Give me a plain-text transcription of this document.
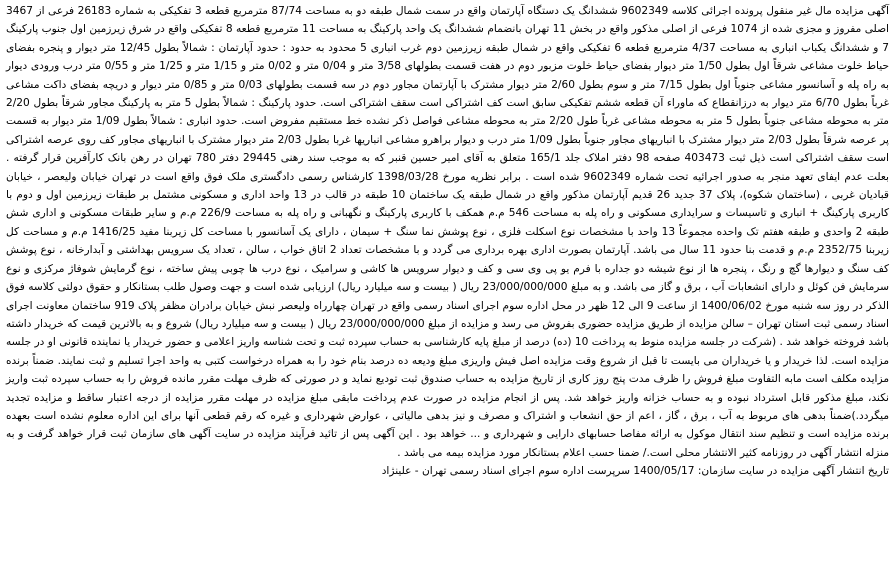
آگهی مزایده مال غیر منقول پرونده اجرائی کلاسه 9602349 ششدانگ یک دستگاه آپارتمان واقع در سمت شمال طبقه دو به مساحت 87/74 مترمربع قطعه 3 تفکیکی به شماره 26183 فرعی از 3467 اصلی مفروز و مجزی شده از 1074 فرعی از اصلی مذکور واقع در بخش 11 تهران بانضمام ششدانگ یک واحد پارکینگ به مساحت 11 مترمربع قطعه 8 تفکیکی واقع در شرق زیرزمین اول جنوب پارکینگ 7 و ششدانگ یکباب انباری به مساحت 4/37 مترمربع قطعه 6 تفکیکی واقع در شمال طبقه زیرزمین دوم غرب انباری 5 محدود به حدود : حدود آپارتمان : شمالاً بطول 12/45 متر دیوار و پنجره بفضای حیاط خلوت مشاعی شرقاً اول بطول 1/50 متر دیوار بفضای حیاط خلوت مزبور دوم در هفت قسمت بطولهای 3/58 متر و 0/04 متر و 0/02 متر و 1/15 متر و 1/25 متر و 0/55 متر درب ورودی دیوار به راه پله و آسانسور مشاعی جنوباً اول بطول 7/15 متر و سوم بطول 2/60 متر دیوار مشترک با آپارتمان مجاور دوم در سه قسمت بطولهای 0/03 متر و 0/85 متر دیوار و دریچه بفضای داکت مشاعی غرباً بطول 6/70 متر دیوار به درزانقطاع که ماوراء آن قطعه ششم تفکیکی سابق است کف اشتراکی است سقف اشتراکی است. حدود پارکینگ : شمالاً بطول 5 متر به پارکینگ مجاور شرقاً بطول 2/20 متر به محوطه مشاعی جنوباً بطول 5 متر به محوطه مشاعی غرباً طول 2/20 متر به محوطه مشاعی فواصل ذکر نشده خط مستقیم مفروض است. حدود انباری : شمالاً بطول 1/09 متر دیوار به قسمت پر عرصه شرقاً بطول 2/03 متر دیوار مشترک با انباریهای مجاور جنوباً بطول 1/09 متر درب و دیوار براهرو مشاعی انباریها غربا بطول 2/03 متر دیوار مشترک با انباریهای مجاور کف روی عرصه اشتراکی است سقف اشتراکی است ذیل ثبت 403473 صفحه 98 دفتر املاک جلد 165/1 متعلق به آقای امیر حسین قنبر که به موجب سند رهنی 29445 دفتر 780 تهران در رهن بانک کارآفرین قرار گرفته . بعلت عدم ایفای تعهد منجر به صدور اجرائیه تحت شماره 9602349 شده است . برابر نظریه مورخ 1398/03/28 کارشناس رسمی دادگستری ملک فوق واقع است در تهران خیابان ولیعصر ، خیابان قبادیان غربی ، (ساختمان شکوه)، پلاک 37 جدید 26 قدیم آپارتمان مذکور واقع در شمال طبقه یک ساختمان 10 طبقه در قالب در 13 واحد اداری و مسکونی مشتمل بر طبقات زیرزمین اول و دوم با کاربری پارکینگ + انباری و تاسیسات و سرایداری مسکونی و راه پله به مساحت 546 م.م همکف با کاربری پارکینگ و نگهبانی و راه پله به مساحت 226/9 م.م و سایر طبقات مسکونی و اداری شش طبقه 2 واحدی و طبقه هفتم تک واحده مجموعاً 13 واحد با مشخصات نوع اسکلت فلزی ، نوع پوشش نما سنگ + سیمان ، دارای یک آسانسور با مساحت کل زیربنا مفید 1416/25 م.م و مساحت کل زیربنا 2352/75 م.م و قدمت بنا حدود 11 سال می باشد. آپارتمان بصورت اداری بهره برداری می گردد و با مشخصات تعداد 2 اتاق خواب ، سالن ، تعداد یک سرویس بهداشتی و آبدارخانه ، نوع پوشش کف سنگ و دیوارها گچ و رنگ ، پنجره ها از نوع شیشه دو جداره با فرم یو پی وی سی و کف و دیوار سرویس ها کاشی و سرامیک ، نوع درب ها چوبی پیش ساخته ، نوع گرمایش شوفاژ مرکزی و نوع سرمایش فن کوئل و دارای انشعابات آب ، برق و گاز می باشد. و به مبلغ 23/000/000/000 ریال ( بیست و سه میلیارد ریال) ارزیابی شده است و جهت وصول طلب بستانکار و حقوق دولتی کلاسه فوق الذکر در روز سه شنبه مورخ 1400/06/02 از ساعت 9 الی 12 ظهر در محل اداره سوم اجرای اسناد رسمی واقع در تهران چهارراه ولیعصر نبش خیابان برادران مظفر پلاک 919 ساختمان معاونت اجرای اسناد رسمی ثبت استان تهران – سالن مزایده از طریق مزایده حضوری بفروش می رسد و مزایده از مبلغ 23/000/000/000 ریال ( بیست و سه میلیارد ریال) شروع و به بالاترین قیمت که خریدار داشته باشد فروخته خواهد شد . (شرکت در جلسه مزایده منوط به پرداخت 10 (ده) درصد از مبلغ پایه کارشناسی به حساب سپرده ثبت و تحت شناسه واریز اعلامی و حضور خریدار یا نماینده قانونی او در جلسه مزایده است. لذا خریدار و یا خریداران می بایست تا قبل از شروع وقت مزایده اصل فیش واریزی مبلغ ودیعه ده درصد بنام خود را به همراه درخواست کتبی به واحد اجرا تسلیم و ثبت نمایند. ضمناً برنده مزایده مکلف است مابه التفاوت مبلغ فروش را ظرف مدت پنج روز کاری از تاریخ مزایده به حساب صندوق ثبت تودیع نماید و در صورتی که ظرف مهلت مقرر مانده فروش را به حساب سپرده ثبت واریز نکند، مبلغ مذکور قابل استرداد نبوده و به حساب خزانه واریز خواهد شد. پس از انجام مزایده در صورت عدم پرداخت مابقی مبلغ مزایده در مهلت مقرر مزایده از درجه اعتبار ساقط و مزایده تجدید میگردد.)ضمناً بدهی های مربوط به آب ، برق ، گاز ، اعم از حق انشعاب و اشتراک و مصرف و نیز بدهی مالیاتی ، عوارض شهرداری و غیره که رقم قطعی آنها برای این اداره معلوم نشده است بعهده برنده مزایده است و تنظیم سند انتقال موکول به ارائه مفاصا حسابهای دارایی و شهرداری و ... خواهد بود . این آگهی پس از تائید فرآیند مزایده در سایت آگهی های سازمان ثبت قرار خواهد گرفت و به منزله انتشار آگهی در روزنامه کثیر الانتشار محلی است./ ضمنا حسب اعلام بستانکار مورد مزایده بیمه می باشد .

تاریخ انتشار آگهی مزایده در سایت سازمان: 1400/05/17 سرپرست اداره سوم اجرای اسناد رسمی تهران - علینژاد
